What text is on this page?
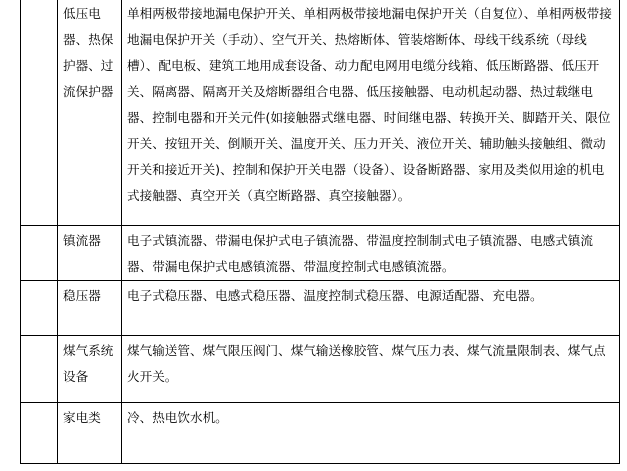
	低压电器、热保护器、过流保护器	单相两极带接地漏电保护开关、单相两极带接地漏电保护开关（自复位）、单相两极带接地漏电保护开关（手动）、空气开关、热熔断体、管装熔断体、母线干线系统（母线槽）、配电板、建筑工地用成套设备、动力配电网用电缆分线箱、低压断路器、低压开关、隔离器、隔离开关及熔断器组合电器、低压接触器、电动机起动器、热过载继电器、控制电器和开关元件(如接触器式继电器、时间继电器、转换开关、脚踏开关、限位开关、按钮开关、倒顺开关、温度开关、压力开关、液位开关、辅助触头接触组、微动开关和接近开关)、控制和保护开关电器（设备）、设备断路器、家用及类似用途的机电式接触器、真空开关（真空断路器、真空接触器）。
	镇流器	电子式镇流器、带漏电保护式电子镇流器、带温度控制制式电子镇流器、电感式镇流器、带漏电保护式电感镇流器、带温度控制式电感镇流器。
	稳压器	电子式稳压器、电感式稳压器、温度控制式稳压器、电源适配器、充电器。
	煤气系统设备	煤气输送管、煤气限压阀门、煤气输送橡胶管、煤气压力表、煤气流量限制表、煤气点火开关。
	家电类	冷、热电饮水机。
